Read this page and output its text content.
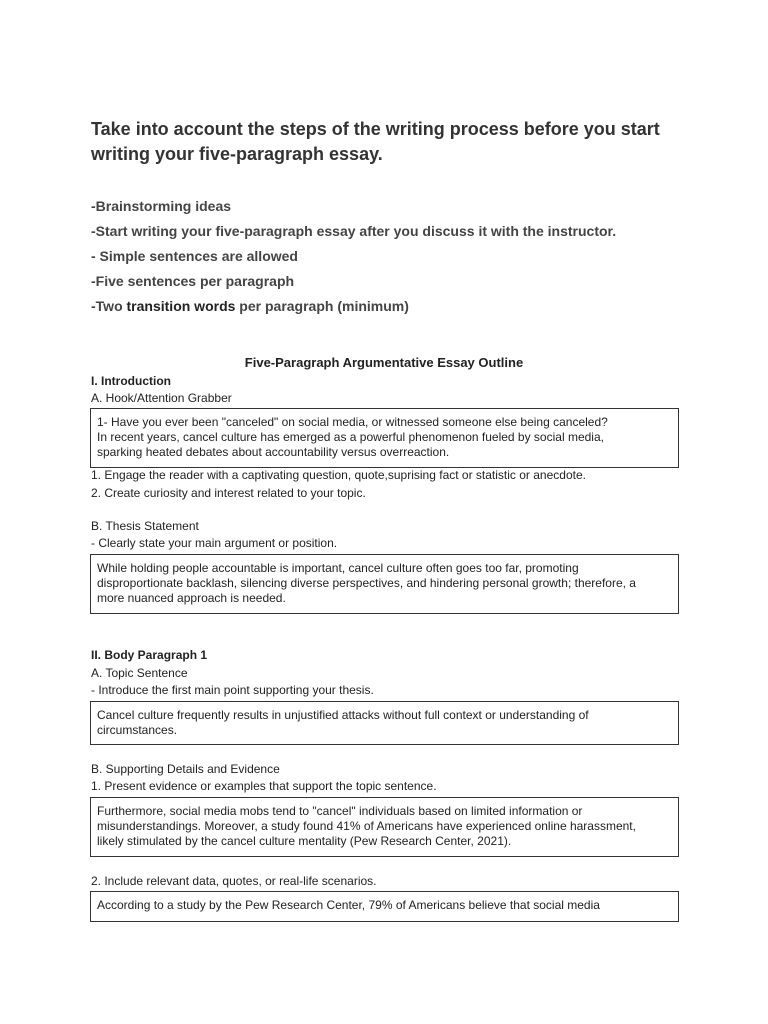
Take into account the steps of the writing process before you start
writing your five-paragraph essay.
-Brainstorming ideas
-Start writing your five-paragraph essay after you discuss it with the instructor.
- Simple sentences are allowed
-Five sentences per paragraph
-Two transition words per paragraph (minimum)
Five-Paragraph Argumentative Essay Outline
I. Introduction
A. Hook/Attention Grabber
1- Have you ever been "canceled" on social media, or witnessed someone else being canceled?
In recent years, cancel culture has emerged as a powerful phenomenon fueled by social media,
sparking heated debates about accountability versus overreaction.
1. Engage the reader with a captivating question, quote,suprising fact or statistic or anecdote.
2. Create curiosity and interest related to your topic.
B. Thesis Statement
- Clearly state your main argument or position.
While holding people accountable is important, cancel culture often goes too far, promoting
disproportionate backlash, silencing diverse perspectives, and hindering personal growth; therefore, a
more nuanced approach is needed.
II. Body Paragraph 1
A. Topic Sentence
- Introduce the first main point supporting your thesis.
Cancel culture frequently results in unjustified attacks without full context or understanding of
circumstances.
B. Supporting Details and Evidence
1. Present evidence or examples that support the topic sentence.
Furthermore, social media mobs tend to "cancel" individuals based on limited information or
misunderstandings. Moreover, a study found 41% of Americans have experienced online harassment,
likely stimulated by the cancel culture mentality (Pew Research Center, 2021).
2. Include relevant data, quotes, or real-life scenarios.
According to a study by the Pew Research Center, 79% of Americans believe that social media
